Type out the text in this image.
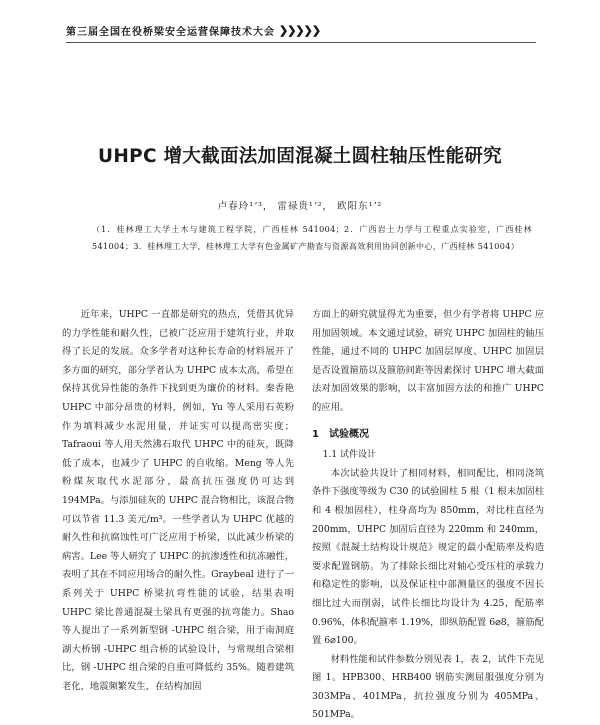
第三届全国在役桥梁安全运营保障技术大会 ❯❯❯❯❯
UHPC 增大截面法加固混凝土圆柱轴压性能研究
卢春玲¹ʼ³， 雷禄贵¹ʼ²， 欧阳东¹ʼ²
（1．桂林理工大学土木与建筑工程学院，广西桂林 541004；2．广西岩土力学与工程重点实验室，广西桂林 541004；3．桂林理工大学，桂林理工大学有色金属矿产勘查与资源高效利用协同创新中心，广西桂林 541004）

近年来，UHPC 一直都是研究的热点，凭借其优异的力学性能和耐久性，已被广泛应用于建筑行业，并取得了长足的发展。众多学者对这种长寿命的材料展开了多方面的研究，部分学者认为 UHPC 成本太高，希望在保持其优异性能的条件下找到更为廉价的材料。秦香艳 UHPC 中部分昂贵的材料，例如，Yu 等人采用石英粉作为填料减少水泥用量，并证实可以提高密实度；Tafraoui 等人用天然沸石取代 UHPC 中的硅灰，既降低了成本，也减少了 UHPC 的自收缩。Meng 等人先粉煤灰取代水泥部分，最高抗压强度仍可达到 194MPa。与添加硅灰的 UHPC 混合物相比，该混合物可以节省 11.3 美元/m³。一些学者认为 UHPC 优越的耐久性和抗腐蚀性可广泛应用于桥梁，以此减少桥梁的病害。Lee 等人研究了 UHPC 的抗渗透性和抗冻融性，表明了其在不同应用场合的耐久性。Graybeal 进行了一系列关于 UHPC 桥梁抗弯性能的试验，结果表明 UHPC 梁比普通混凝土梁具有更强的抗弯能力。Shao 等人提出了一系列新型钢 -UHPC 组合梁，用于南洞庭湖大桥钢 -UHPC 组合桥的试验设计，与常规组合梁相比，钢 -UHPC 组合梁的自重可降低约 35%。随着建筑老化，地震频繁发生，在结构加固

方面上的研究就显得尤为重要，但少有学者将 UHPC 应用加固领域。本文通过试验，研究 UHPC 加固柱的轴压性能，通过不同的 UHPC 加固层厚度、UHPC 加固层是否设置箍筋以及箍筋间距等因素探讨 UHPC 增大截面法对加固效果的影响，以丰富加固方法的和推广 UHPC 的应用。

1　试验概况

1.1 试件设计

本次试验共设计了相同材料，相同配比，相同浇筑条件下强度等级为 C30 的试验圆柱 5 根（1 根未加固柱和 4 根加固柱），柱身高均为 850mm，对比柱直径为 200mm，UHPC 加固后直径为 220mm 和 240mm，按照《混凝土结构设计规范》规定的最小配筋率及构造要求配置钢筋。为了排除长细比对轴心受压柱的承载力和稳定性的影响，以及保证柱中部测量区的强度不因长细比过大而削弱，试件长细比均设计为 4.25，配筋率 0.96%，体积配箍率 1.19%，即纵筋配置 6⌀8，箍筋配置 6⌀100。

材料性能和试件参数分别见表 1，表 2，试件下壳见图 1。HPB300、HRB400 钢筋实测屈服强度分别为 303MPa、401MPa，抗拉强度分别为 405MPa、501MPa。
